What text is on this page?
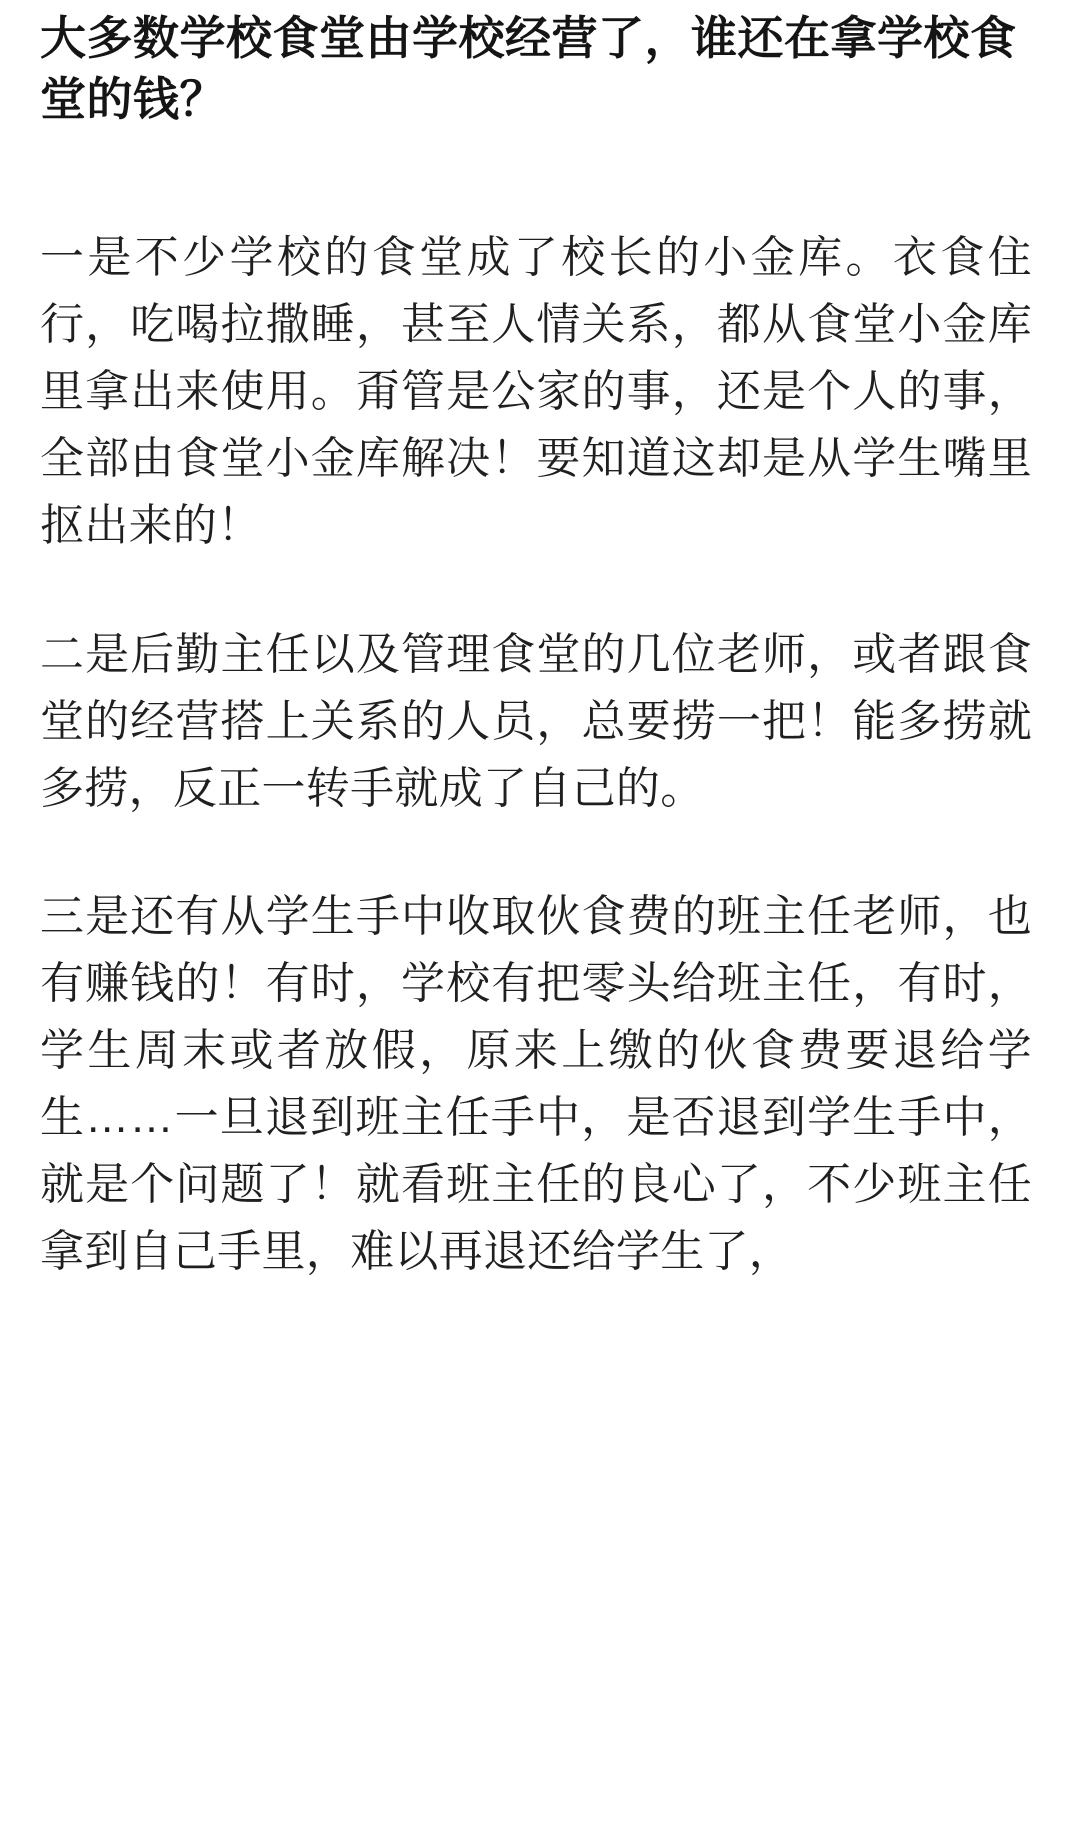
大多数学校食堂由学校经营了，谁还在拿学校食堂的钱？

一是不少学校的食堂成了校长的小金库。衣食住行，吃喝拉撒睡，甚至人情关系，都从食堂小金库里拿出来使用。甭管是公家的事，还是个人的事，全部由食堂小金库解决！要知道这却是从学生嘴里抠出来的！

二是后勤主任以及管理食堂的几位老师，或者跟食堂的经营搭上关系的人员，总要捞一把！能多捞就多捞，反正一转手就成了自己的。

三是还有从学生手中收取伙食费的班主任老师，也有赚钱的！有时，学校有把零头给班主任，有时，学生周末或者放假，原来上缴的伙食费要退给学生……一旦退到班主任手中，是否退到学生手中，就是个问题了！就看班主任的良心了，不少班主任拿到自己手里，难以再退还给学生了，
